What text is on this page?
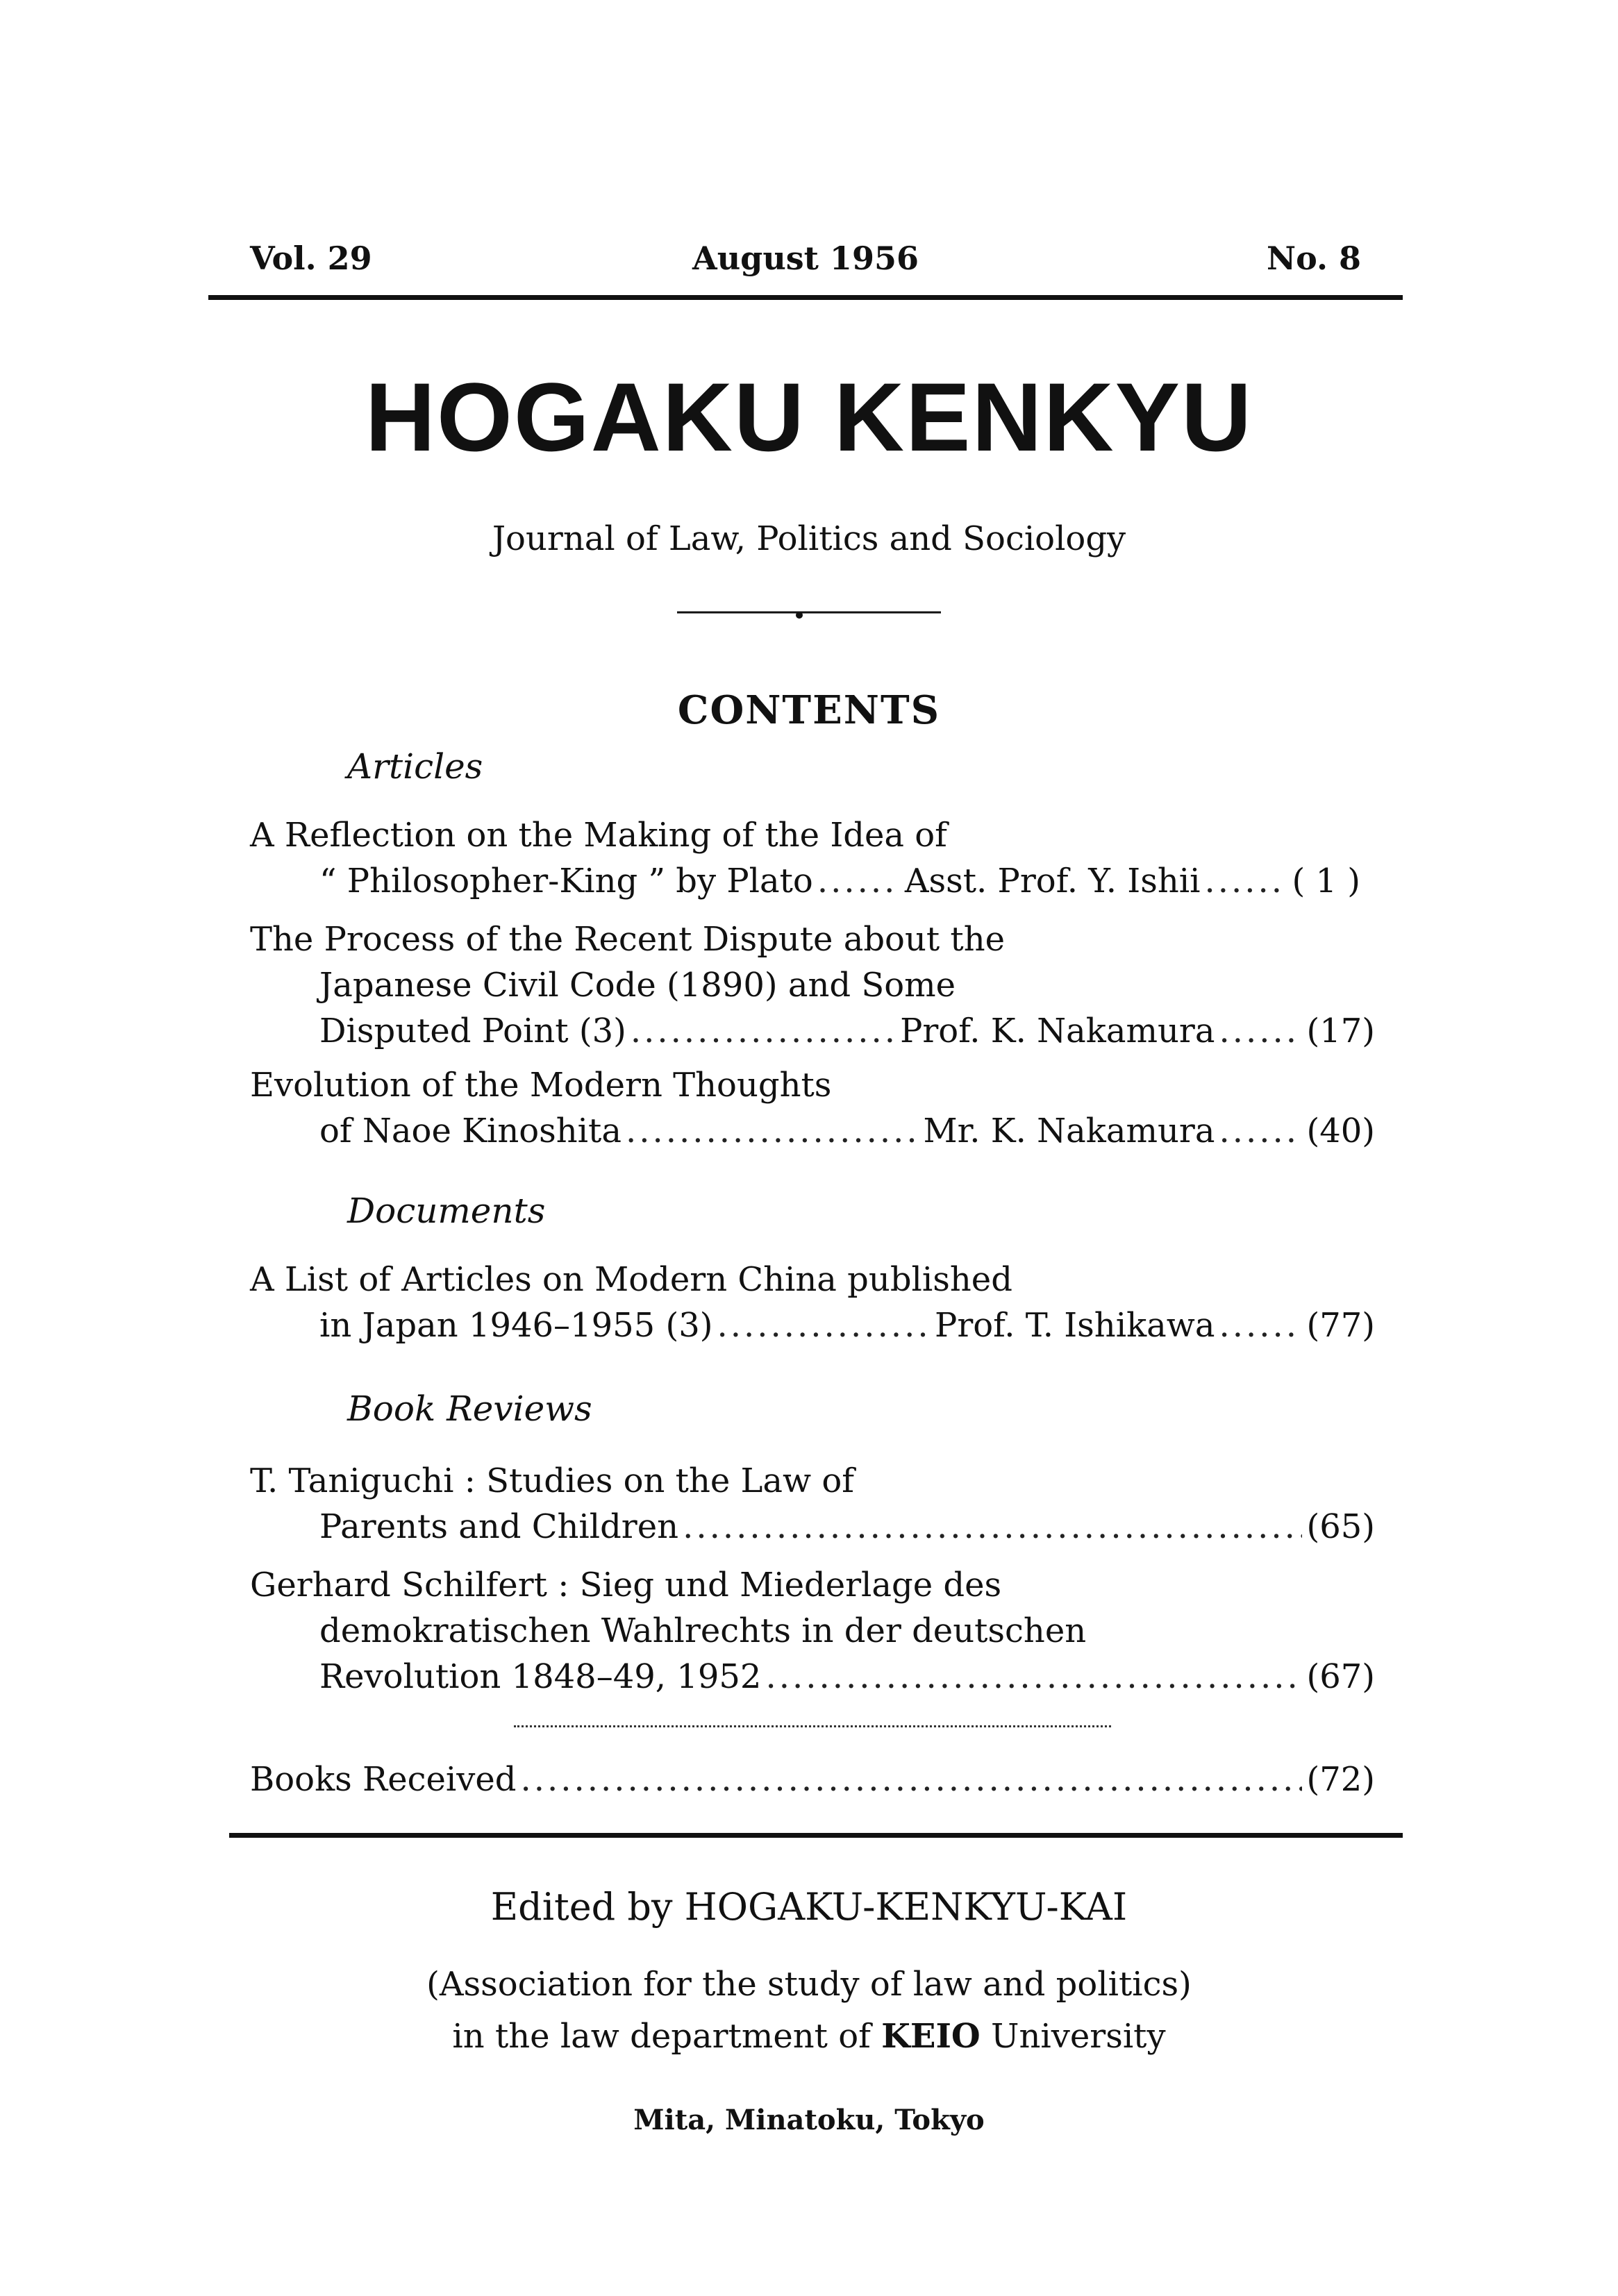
Vol. 29	August 1956	No. 8
HOGAKU KENKYU
Journal of Law, Politics and Sociology
CONTENTS
Articles
A Reflection on the Making of the Idea of
“ Philosopher-King ” by Plato .....	Asst. Prof. Y. Ishii .....	( 1 )
The Process of the Recent Dispute about the
Japanese Civil Code (1890) and Some
Disputed Point (3) .....	Prof. K. Nakamura .....	(17)
Evolution of the Modern Thoughts
of Naoe Kinoshita .....	Mr. K. Nakamura .....	(40)
Documents
A List of Articles on Modern China published
in Japan 1946–1955 (3) .....	Prof. T. Ishikawa .....	(77)
Book Reviews
T. Taniguchi : Studies on the Law of
Parents and Children .....	(65)
Gerhard Schilfert : Sieg und Miederlage des
demokratischen Wahlrechts in der deutschen
Revolution 1848–49, 1952 .....	(67)
Books Received .....	(72)
Edited by HOGAKU-KENKYU-KAI
(Association for the study of law and politics)
in the law department of KEIO University
Mita, Minatoku, Tokyo
